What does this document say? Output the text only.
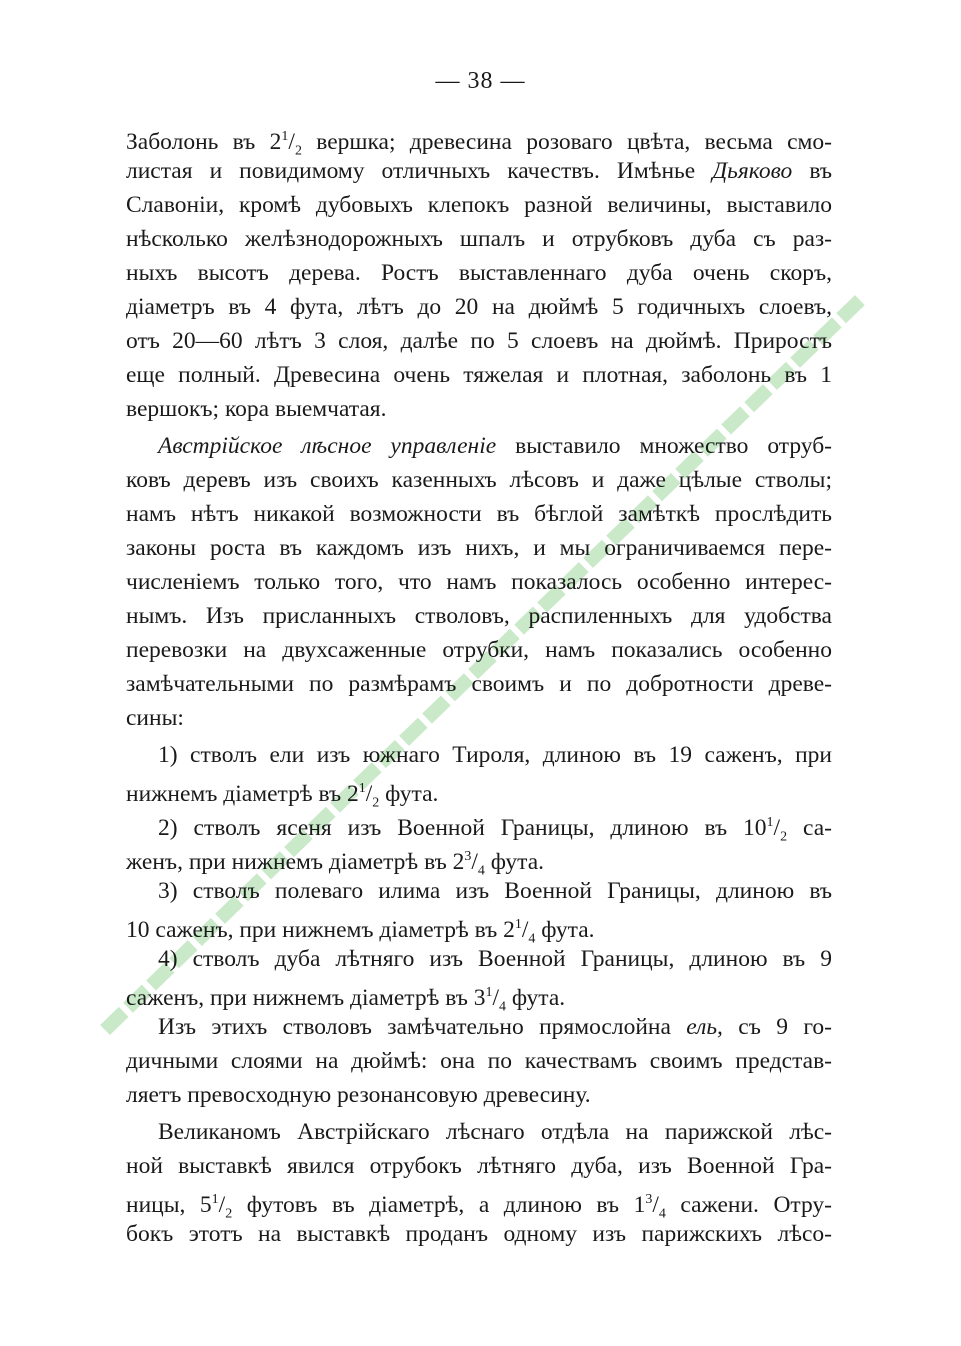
— 38 —
Заболонь въ $2^1/_2$ вершка; древесина розоваго цвѣта, весьма смо-
листая и повидимому отличныхъ качествъ. Имѣнье Дьяково въ
Славоніи, кромѣ дубовыхъ клепокъ разной величины, выставило
нѣсколько желѣзнодорожныхъ шпалъ и отрубковъ дуба съ раз-
ныхъ высотъ дерева. Ростъ выставленнаго дуба очень скоръ,
діаметръ въ 4 фута, лѣтъ до 20 на дюймѣ 5 годичныхъ слоевъ,
отъ 20—60 лѣтъ 3 слоя, далѣе по 5 слоевъ на дюймѣ. Приростъ
еще полный. Древесина очень тяжелая и плотная, заболонь въ 1
вершокъ; кора выемчатая.
Австрійское лѣсное управленіе выставило множество отруб-
ковъ деревъ изъ своихъ казенныхъ лѣсовъ и даже цѣлые стволы;
намъ нѣтъ никакой возможности въ бѣглой замѣткѣ прослѣдить
законы роста въ каждомъ изъ нихъ, и мы ограничиваемся пере-
численіемъ только того, что намъ показалось особенно интерес-
нымъ. Изъ присланныхъ стволовъ, распиленныхъ для удобства
перевозки на двухсаженные отрубки, намъ показались особенно
замѣчательными по размѣрамъ своимъ и по добротности древе-
сины:
1) стволъ ели изъ южнаго Тироля, длиною въ 19 саженъ, при
нижнемъ діаметрѣ въ $2^1/_2$ фута.
2) стволъ ясеня изъ Военной Границы, длиною въ $10^1/_2$ са-
женъ, при нижнемъ діаметрѣ въ $2^3/_4$ фута.
3) стволъ полеваго илима изъ Военной Границы, длиною въ
10 саженъ, при нижнемъ діаметрѣ въ $2^1/_4$ фута.
4) стволъ дуба лѣтняго изъ Военной Границы, длиною въ 9
саженъ, при нижнемъ діаметрѣ въ $3^1/_4$ фута.
Изъ этихъ стволовъ замѣчательно прямослойна ель, съ 9 го-
дичными слоями на дюймѣ: она по качествамъ своимъ представ-
ляетъ превосходную резонансовую древесину.
Великаномъ Австрійскаго лѣснаго отдѣла на парижской лѣс-
ной выставкѣ явился отрубокъ лѣтняго дуба, изъ Военной Гра-
ницы, $5^1/_2$ футовъ въ діаметрѣ, а длиною въ $1^3/_4$ сажени. Отру-
бокъ этотъ на выставкѣ проданъ одному изъ парижскихъ лѣсо-
